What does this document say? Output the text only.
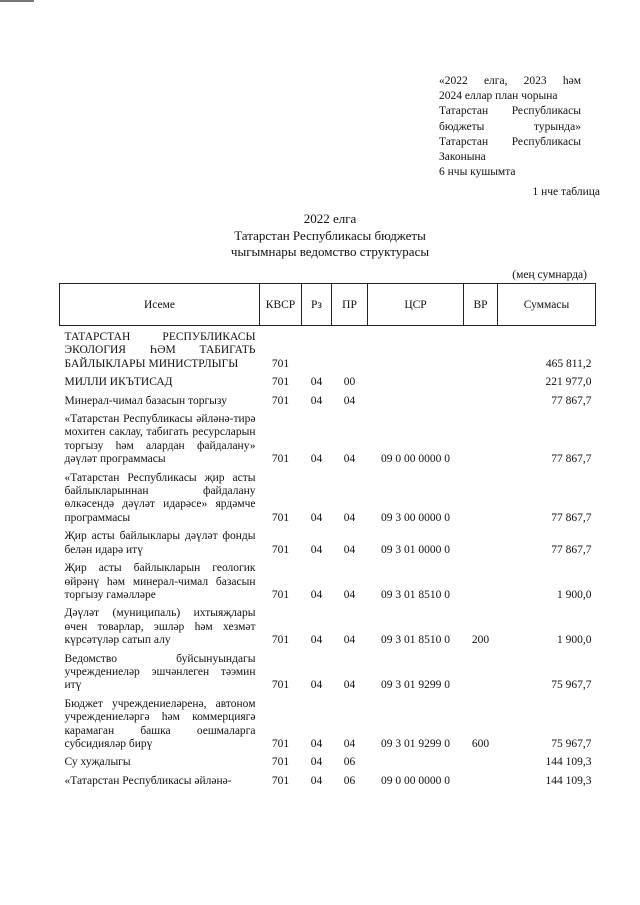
«2022 елга, 2023 һәм
2024 еллар план чорына
Татарстан Республикасы
бюджеты	турында»
Татарстан Республикасы
Законына
6 нчы кушымта
1 нче таблица
2022 елга
Татарстан Республикасы бюджеты
чыгымнары ведомство структурасы
(мең сумнарда)
Исеме	КВСР	Рз	ПР	ЦСР	ВР	Суммасы
ТАТАРСТАН РЕСПУБЛИКАСЫ ЭКОЛОГИЯ ҺӘМ ТАБИГАТЬ БАЙЛЫКЛАРЫ МИНИСТРЛЫГЫ	701					465 811,2
МИЛЛИ ИКЪТИСАД	701	04	00			221 977,0
Минерал-чимал базасын торгызу	701	04	04			77 867,7
«Татарстан Республикасы әйләнә-тирә мохитен саклау, табигать ресурсларын торгызу һәм алардан файдалану» дәүләт программасы	701	04	04	09 0 00 0000 0		77 867,7
«Татарстан Республикасы җир асты байлыкларыннан файдалану өлкәсендә дәүләт идарәсе» ярдәмче программасы	701	04	04	09 3 00 0000 0		77 867,7
Җир асты байлыклары дәүләт фонды белән идарә итү	701	04	04	09 3 01 0000 0		77 867,7
Җир асты байлыкларын геологик өйрәнү һәм минерал-чимал базасын торгызу гамәлләре	701	04	04	09 3 01 8510 0		1 900,0
Дәүләт (муниципаль) ихтыяҗлары өчен товарлар, эшләр һәм хезмәт күрсәтүләр сатып алу	701	04	04	09 3 01 8510 0	200	1 900,0
Ведомство буйсынуындагы учреждениеләр эшчәнлеген тәэмин итү	701	04	04	09 3 01 9299 0		75 967,7
Бюджет учреждениеләренә, автоном учреждениеләргә һәм коммерциягә карамаган башка оешмаларга субсидияләр бирү	701	04	04	09 3 01 9299 0	600	75 967,7
Су хуҗалыгы	701	04	06			144 109,3
«Татарстан Республикасы әйләнә-	701	04	06	09 0 00 0000 0		144 109,3
